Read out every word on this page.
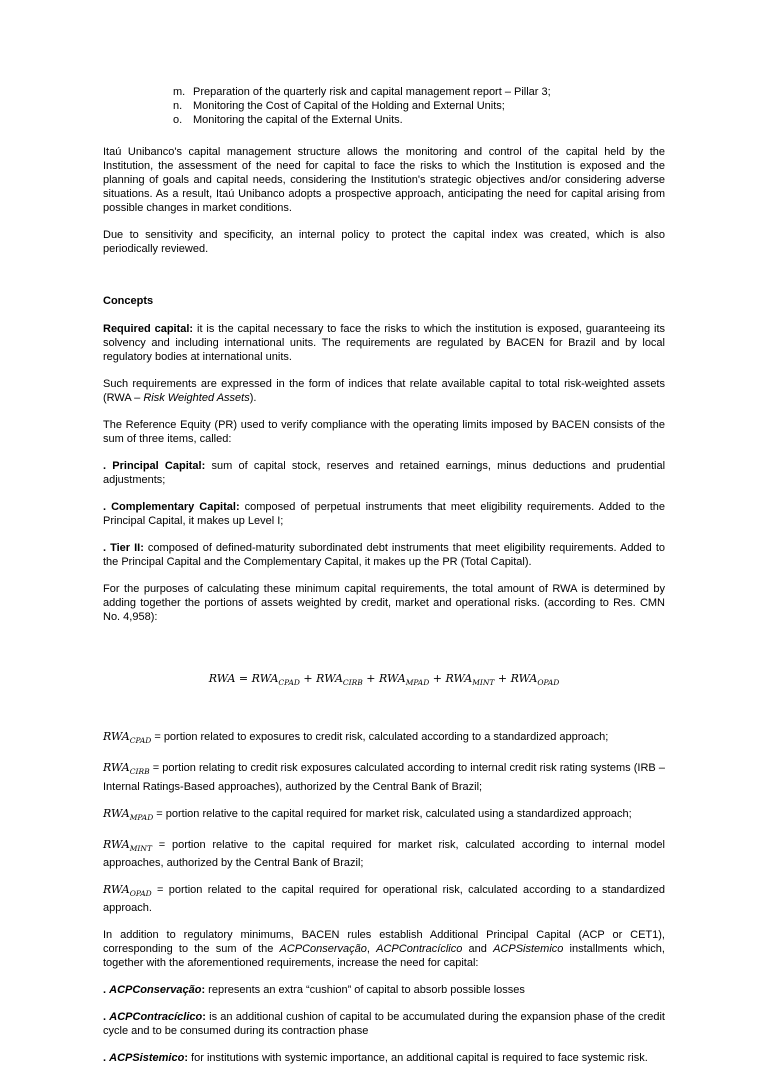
m. Preparation of the quarterly risk and capital management report – Pillar 3;
n. Monitoring the Cost of Capital of the Holding and External Units;
o. Monitoring the capital of the External Units.

Itaú Unibanco's capital management structure allows the monitoring and control of the capital held by the Institution, the assessment of the need for capital to face the risks to which the Institution is exposed and the planning of goals and capital needs, considering the Institution's strategic objectives and/or considering adverse situations. As a result, Itaú Unibanco adopts a prospective approach, anticipating the need for capital arising from possible changes in market conditions.

Due to sensitivity and specificity, an internal policy to protect the capital index was created, which is also periodically reviewed.

Concepts

Required capital: it is the capital necessary to face the risks to which the institution is exposed, guaranteeing its solvency and including international units. The requirements are regulated by BACEN for Brazil and by local regulatory bodies at international units.

Such requirements are expressed in the form of indices that relate available capital to total risk-weighted assets (RWA – Risk Weighted Assets).

The Reference Equity (PR) used to verify compliance with the operating limits imposed by BACEN consists of the sum of three items, called:

. Principal Capital: sum of capital stock, reserves and retained earnings, minus deductions and prudential adjustments;

. Complementary Capital: composed of perpetual instruments that meet eligibility requirements. Added to the Principal Capital, it makes up Level I;

. Tier II: composed of defined-maturity subordinated debt instruments that meet eligibility requirements. Added to the Principal Capital and the Complementary Capital, it makes up the PR (Total Capital).

For the purposes of calculating these minimum capital requirements, the total amount of RWA is determined by adding together the portions of assets weighted by credit, market and operational risks. (according to Res. CMN No. 4,958):

RWA = $RWA_{CPAD} + RWA_{CIRB} + RWA_{MPAD} + RWA_{MINT} + RWA_{OPAD}$
$RWA_{CPAD}$ = portion related to exposures to credit risk, calculated according to a standardized approach;
$RWA_{CIRB}$ = portion relating to credit risk exposures calculated according to internal credit risk rating systems (IRB – Internal Ratings-Based approaches), authorized by the Central Bank of Brazil;
$RWA_{MPAD}$ = portion relative to the capital required for market risk, calculated using a standardized approach;
$RWA_{MINT}$ = portion relative to the capital required for market risk, calculated according to internal model approaches, authorized by the Central Bank of Brazil;
$RWA_{OPAD}$ = portion related to the capital required for operational risk, calculated according to a standardized approach.

In addition to regulatory minimums, BACEN rules establish Additional Principal Capital (ACP or CET1), corresponding to the sum of the ACPConservação, ACPContracíclico and ACPSistemico installments which, together with the aforementioned requirements, increase the need for capital:

. ACPConservação: represents an extra “cushion” of capital to absorb possible losses

. ACPContracíclico: is an additional cushion of capital to be accumulated during the expansion phase of the credit cycle and to be consumed during its contraction phase

. ACPSistemico: for institutions with systemic importance, an additional capital is required to face systemic risk.
